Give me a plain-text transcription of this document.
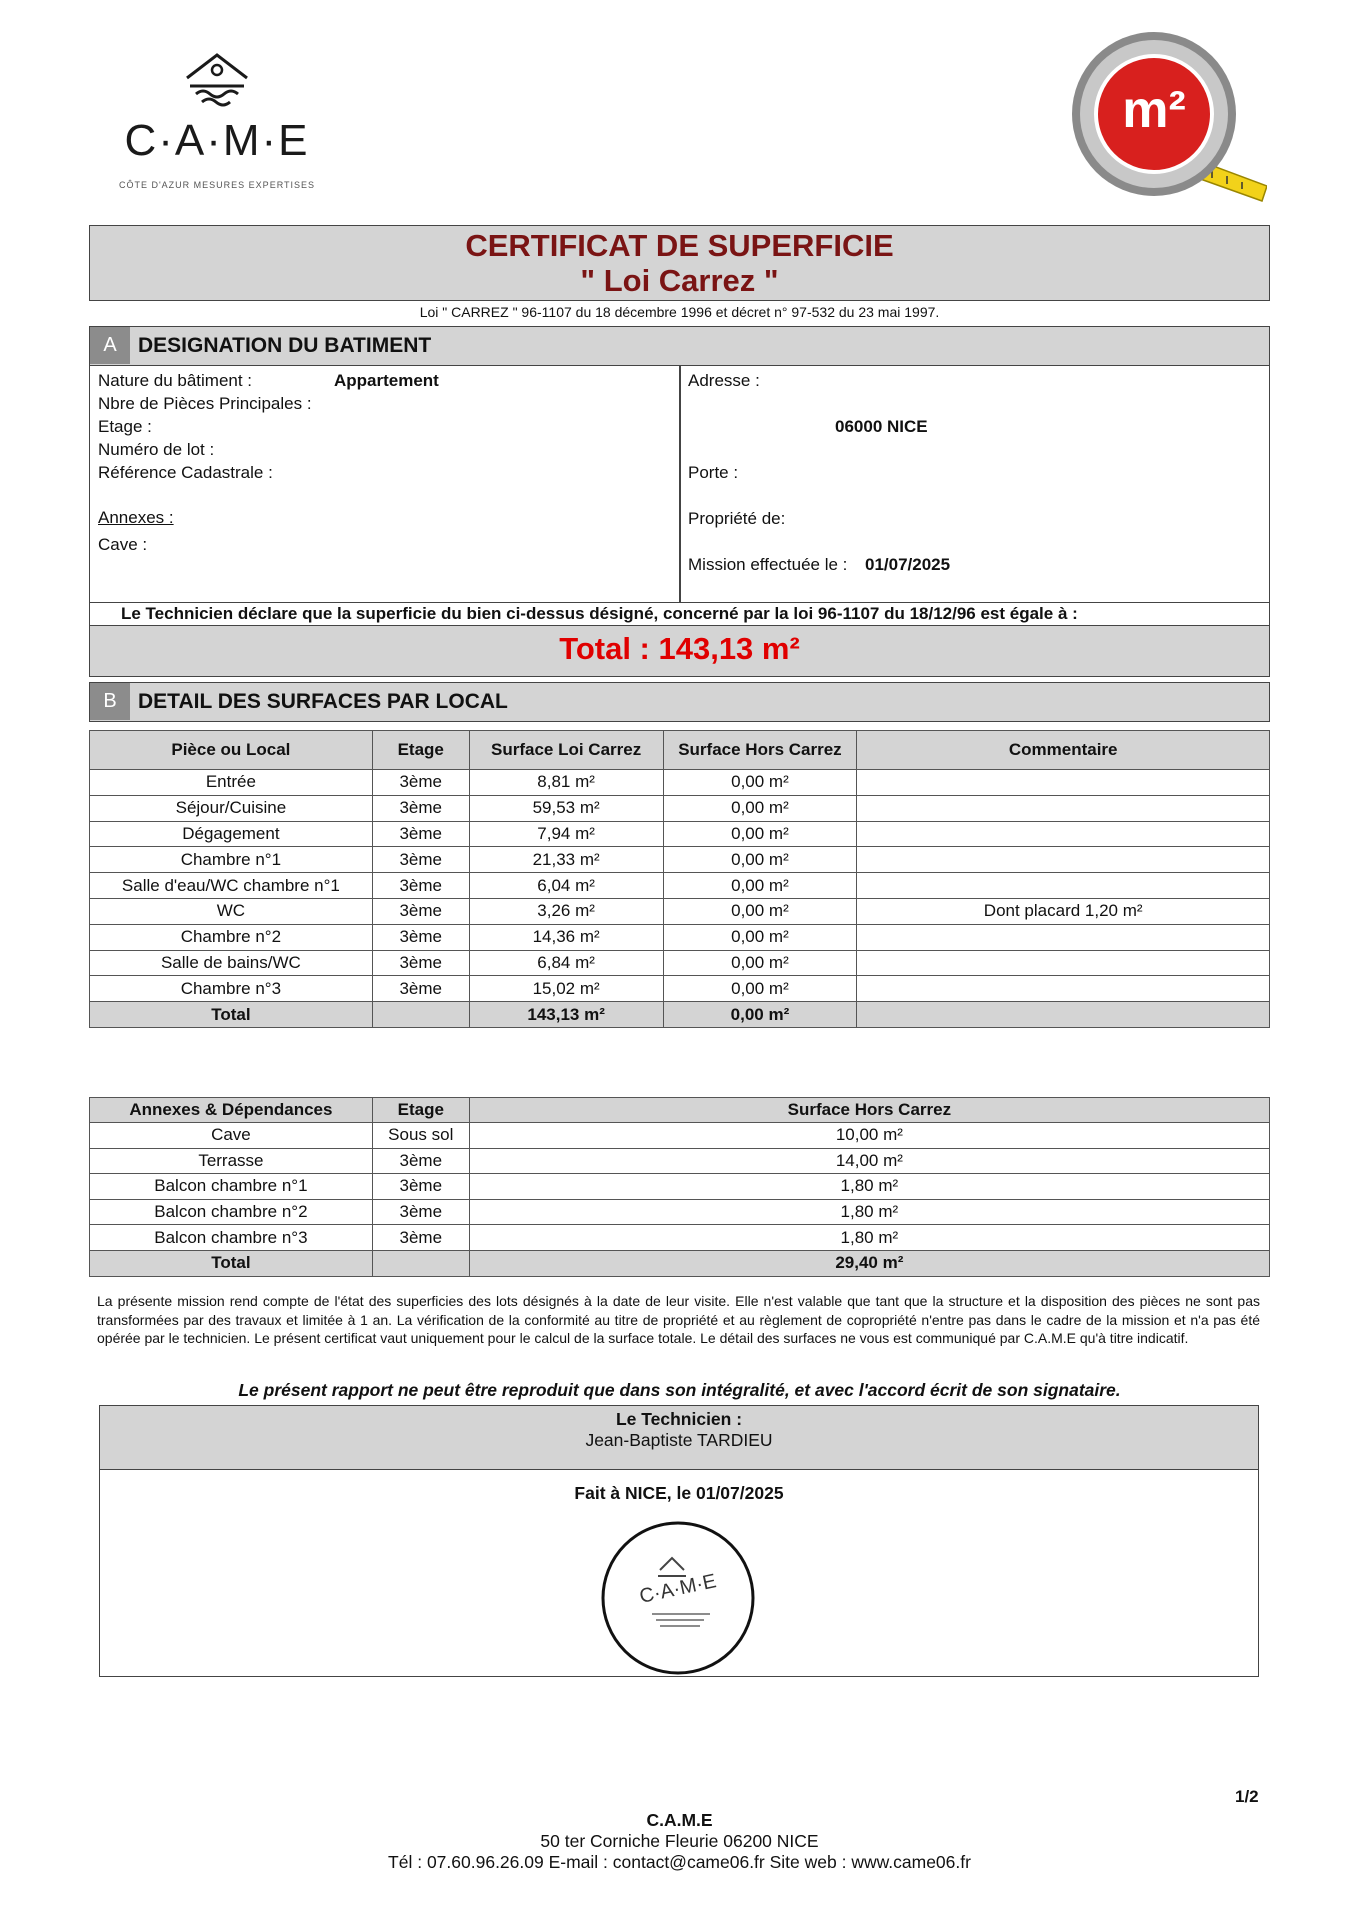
C·A·M·E
CÔTE D'AZUR MESURES EXPERTISES
m²
CERTIFICAT DE SUPERFICIE
" Loi Carrez "
Loi " CARREZ " 96-1107 du 18 décembre 1996 et décret n° 97-532 du 23 mai 1997.
A	DESIGNATION DU BATIMENT
Nature du bâtiment :	Appartement
Nbre de Pièces Principales :
Etage :
Numéro de lot :
Référence Cadastrale :
Annexes :
Cave :
Adresse :
06000 NICE
Porte :
Propriété de:
Mission effectuée le : 01/07/2025
Le Technicien déclare que la superficie du bien ci-dessus désigné, concerné par la loi 96-1107 du 18/12/96 est égale à :
Total : 143,13 m²
B	DETAIL DES SURFACES PAR LOCAL
Pièce ou Local	Etage	Surface Loi Carrez	Surface Hors Carrez	Commentaire
Entrée	3ème	8,81 m²	0,00 m²	
Séjour/Cuisine	3ème	59,53 m²	0,00 m²	
Dégagement	3ème	7,94 m²	0,00 m²	
Chambre n°1	3ème	21,33 m²	0,00 m²	
Salle d'eau/WC chambre n°1	3ème	6,04 m²	0,00 m²	
WC	3ème	3,26 m²	0,00 m²	Dont placard 1,20 m²
Chambre n°2	3ème	14,36 m²	0,00 m²	
Salle de bains/WC	3ème	6,84 m²	0,00 m²	
Chambre n°3	3ème	15,02 m²	0,00 m²	
Total		143,13 m²	0,00 m²	
Annexes & Dépendances	Etage	Surface Hors Carrez
Cave	Sous sol	10,00 m²
Terrasse	3ème	14,00 m²
Balcon chambre n°1	3ème	1,80 m²
Balcon chambre n°2	3ème	1,80 m²
Balcon chambre n°3	3ème	1,80 m²
Total		29,40 m²
La présente mission rend compte de l'état des superficies des lots désignés à la date de leur visite. Elle n'est valable que tant que la structure et la disposition des pièces ne sont pas transformées par des travaux et limitée à 1 an. La vérification de la conformité au titre de propriété et au règlement de copropriété n'entre pas dans le cadre de la mission et n'a pas été opérée par le technicien. Le présent certificat vaut uniquement pour le calcul de la surface totale. Le détail des surfaces ne vous est communiqué par C.A.M.E qu'à titre indicatif.
Le présent rapport ne peut être reproduit que dans son intégralité, et avec l'accord écrit de son signataire.
Le Technicien :
Jean-Baptiste TARDIEU
Fait à NICE, le 01/07/2025
C·A·M·E
1/2
C.A.M.E
50 ter Corniche Fleurie 06200 NICE
Tél : 07.60.96.26.09 E-mail : contact@came06.fr Site web : www.came06.fr
